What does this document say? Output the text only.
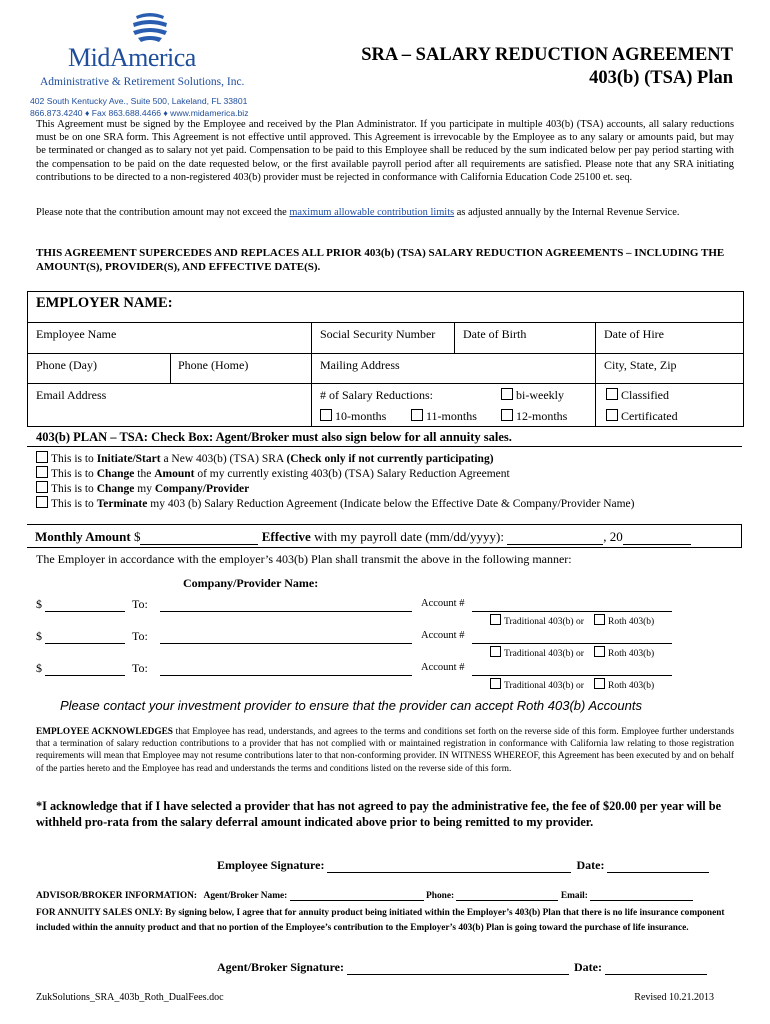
MidAmerica
Administrative & Retirement Solutions, Inc.
402 South Kentucky Ave., Suite 500, Lakeland, FL 33801
866.873.4240 ♦ Fax 863.688.4466 ♦ www.midamerica.biz
SRA – SALARY REDUCTION AGREEMENT
403(b) (TSA) Plan

This Agreement must be signed by the Employee and received by the Plan Administrator. If you participate in multiple 403(b) (TSA) accounts, all salary reductions must be on one SRA form. This Agreement is not effective until approved. This Agreement is irrevocable by the Employee as to any salary or amounts paid, but may be terminated or changed as to salary not yet paid. Compensation to be paid to this Employee shall be reduced by the sum indicated below per pay period starting with the compensation to be paid on the date requested below, or the first available payroll period after all requirements are satisfied. Please note that any SRA initiating contributions to be directed to a non-registered 403(b) provider must be rejected in conformance with California Education Code 25100 et. seq.

Please note that the contribution amount may not exceed the maximum allowable contribution limits as adjusted annually by the Internal Revenue Service.

THIS AGREEMENT SUPERCEDES AND REPLACES ALL PRIOR 403(b) (TSA) SALARY REDUCTION AGREEMENTS – INCLUDING THE AMOUNT(S), PROVIDER(S), AND EFFECTIVE DATE(S).

EMPLOYER NAME:
Employee Name	Social Security Number Date of Birth	Date of Hire
Phone (Day)	Phone (Home)	Mailing Address	City, State, Zip
Email Address	# of Salary Reductions:	bi-weekly	Classified
10-months	11-months	12-months	Certificated
403(b) PLAN – TSA: Check Box: Agent/Broker must also sign below for all annuity sales.
This is to Initiate/Start a New 403(b) (TSA) SRA (Check only if not currently participating)
This is to Change the Amount of my currently existing 403(b) (TSA) Salary Reduction Agreement
This is to Change my Company/Provider
This is to Terminate my 403 (b) Salary Reduction Agreement (Indicate below the Effective Date & Company/Provider Name)
Monthly Amount $	Effective with my payroll date (mm/dd/yyyy):	, 20
The Employer in accordance with the employer’s 403(b) Plan shall transmit the above in the following manner:
Company/Provider Name:
$	To:	Account #
Traditional 403(b) or	Roth 403(b)
$	To:	Account #
Traditional 403(b) or	Roth 403(b)
$	To:	Account #
Traditional 403(b) or	Roth 403(b)
Please contact your investment provider to ensure that the provider can accept Roth 403(b) Accounts

EMPLOYEE ACKNOWLEDGES that Employee has read, understands, and agrees to the terms and conditions set forth on the reverse side of this form. Employee further understands that a termination of salary reduction contributions to a provider that has not complied with or maintained registration in conformance with California law relating to those registration requirements will mean that Employee may not resume contributions later to that non-conforming provider. IN WITNESS WHEREOF, this Agreement has been executed by and on behalf of the parties hereto and the Employee has read and understands the terms and conditions listed on the reverse side of this form.

*I acknowledge that if I have selected a provider that has not agreed to pay the administrative fee, the fee of $20.00 per year will be withheld pro-rata from the salary deferral amount indicated above prior to being remitted to my provider.

Employee Signature:	Date:
ADVISOR/BROKER INFORMATION: Agent/Broker Name:	Phone:	Email:

FOR ANNUITY SALES ONLY: By signing below, I agree that for annuity product being initiated within the Employer’s 403(b) Plan that there is no life insurance component included within the annuity product and that no portion of the Employee’s contribution to the Employer’s 403(b) Plan is going toward the purchase of life insurance.

Agent/Broker Signature:	Date:
ZukSolutions_SRA_403b_Roth_DualFees.doc	Revised 10.21.2013
